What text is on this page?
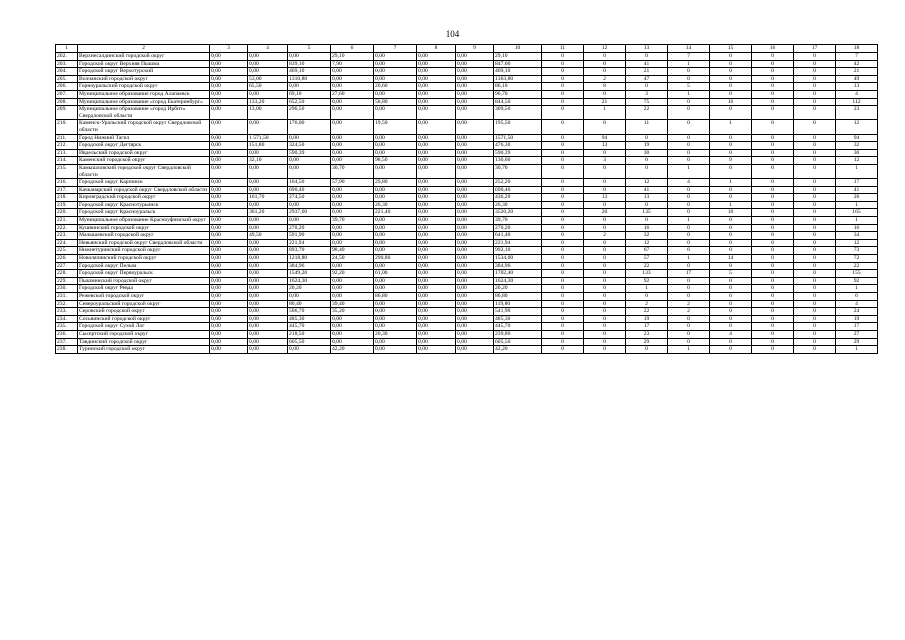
104
1	2	3	4	5	6	7	8	9	10	11	12	13	14	15	16	17	18
202.	Верхнесалдинский городской округ	0,00	0,00	0,00	29,10	0,00	0,00	0,00	29,10	0	0	0	7	0	0	0	7
203.	Городской округ Верхняя Пышма	0,00	0,00	839,10	7,90	0,00	0,00	0,00	847,00	0	0	41	1	0	0	0	42
204.	Городской округ Верхотурский	0,00	0,00	469,10	0,00	0,00	0,00	0,00	469,10	0	0	21	0	0	0	0	21
205.	Волчанский городской округ	0,00	53,00	1310,80	0,00	0,00	0,00	0,00	1363,80	0	2	47	0	0	0	0	49
206.	Горноуральский городской округ	0,00	65,50	0,00	0,00	20,60	0,00	0,00	86,10	0	8	0	5	0	0	0	13
207.	Муниципальное образование город Алапаевск	0,00	0,00	69,10	27,60	0,00	0,00	0,00	96,70	0	0	3	1	0	0	0	4
208.	Муниципальное образование «город Екатеринбург»	0,00	133,20	652,50	0,00	58,80	0,00	0,00	844,50	0	21	75	0	16	0	0	112
209.	Муниципальное образование «город Ирбит» Свердловской области	0,00	13,00	296,50	0,00	0,00	0,00	0,00	309,50	0	1	22	0	0	0	0	23
210.	Каменск-Уральский городской округ Свердловской области	0,00	0,00	176,00	0,00	19,50	0,00	0,00	195,50	0	0	11	0	1	0	0	12
211.	Город Нижний Тагил	0,00	1 571,50	0,00	0,00	0,00	0,00	0,00	1571,50	0	94	0	0	0	0	0	94
212.	Городской округ Дегтярск	0,00	151,80	324,50	0,00	0,00	0,00	0,00	476,30	0	13	19	0	0	0	0	32
213.	Ивдельский городской округ	0,00	0,00	590,39	0,00	0,00	0,00	0,00	590,39	0	0	30	0	0	0	0	30
214.	Каменский городской округ	0,00	32,10	0,00	0,00	98,50	0,00	0,00	130,60	0	3	0	0	9	0	0	12
215.	Камышловский городской округ Свердловской области	0,00	0,00	0,00	30,70	0,00	0,00	0,00	30,70	0	0	0	1	0	0	0	1
216.	Городской округ Карпинск	0,00	0,00	164,50	57,90	29,80	0,00	0,00	252,20	0	0	12	4	1	0	0	17
217.	Качканарский городской округ Свердловской области	0,00	0,00	690,40	0,00	0,00	0,00	0,00	690,40	0	0	41	0	0	0	0	41
218.	Кировградский городской округ	0,00	161,70	274,50	0,00	0,00	0,00	0,00	436,20	0	13	13	0	0	0	0	26
219.	Городской округ Краснотурьинск	0,00	0,00	0,00	0,00	26,30	0,00	0,00	26,30	0	0	0	0	1	0	0	1
220.	Городской округ Красноуральск	0,00	361,20	2937,60	0,00	221,40	0,00	0,00	3520,20	0	20	135	0	10	0	0	165
221.	Муниципальное образование Красноуфимский округ	0,00	0,00	0,00	39,70	0,00	0,00	0,00	39,70	0	0	0	1	0	0	0	1
222.	Кушвинский городской округ	0,00	0,00	270,20	0,00	0,00	0,00	0,00	270,20	0	0	16	0	0	0	0	16
223.	Малышевский городской округ	0,00	49,50	591,90	0,00	0,00	0,00	0,00	641,40	0	2	32	0	0	0	0	34
224.	Невьянский городской округ Свердловской области	0,00	0,00	221,94	0,00	0,00	0,00	0,00	221,94	0	0	12	0	0	0	0	12
225.	Нижнетуринский городской округ	0,00	0,00	893,70	98,40	0,00	0,00	0,00	992,10	0	0	67	6	0	0	0	73
226.	Новолялинский городской округ	0,00	0,00	1218,80	24,50	290,80	0,00	0,00	1534,00	0	0	57	1	14	0	0	72
227.	Городской округ Пелым	0,00	0,00	384,96	0,00	0,00	0,00	0,00	384,96	0	0	22	0	0	0	0	22
228.	Городской округ Первоуральск	0,00	0,00	1549,20	92,20	61,00	0,00	0,00	1702,40	0	0	133	17	5	0	0	155
229.	Пышминский городской округ	0,00	0,00	1624,30	0,00	0,00	0,00	0,00	1624,30	0	0	92	0	0	0	0	92
230.	Городской округ Ревда	0,00	0,00	20,20	0,00	0,00	0,00	0,00	20,20	0	0	1	0	0	0	0	1
231.	Режевской городской округ	0,00	0,00	0,00	0,00	86,80	0,00	0,00	86,80	0	0	0	0	6	0	0	6
232.	Североуральский городской округ	0,00	0,00	80,40	39,40	0,00	0,00	0,00	119,80	0	0	2	2	0	0	0	4
233.	Серовский городской округ	0,00	0,00	506,70	35,20	0,00	0,00	0,00	541,90	0	0	22	2	0	0	0	24
234.	Сосьвинский городской округ	0,00	0,00	485,30	0,00	0,00	0,00	0,00	485,30	0	0	19	0	0	0	0	19
235.	Городской округ Сухой Лог	0,00	0,00	445,70	0,00	0,00	0,00	0,00	445,70	0	0	17	0	0	0	0	17
236.	Сысертский городской округ	0,00	0,00	218,50	0,00	20,30	0,00	0,00	239,80	0	0	23	0	4	0	0	27
237.	Тавдинский городской округ	0,00	0,00	605,50	0,00	0,00	0,00	0,00	605,50	0	0	29	0	0	0	0	29
238.	Туринский городской округ	0,00	0,00	0,00	42,20	0,00	0,00	0,00	42,20	0	0	0	1	0	0	0	1
